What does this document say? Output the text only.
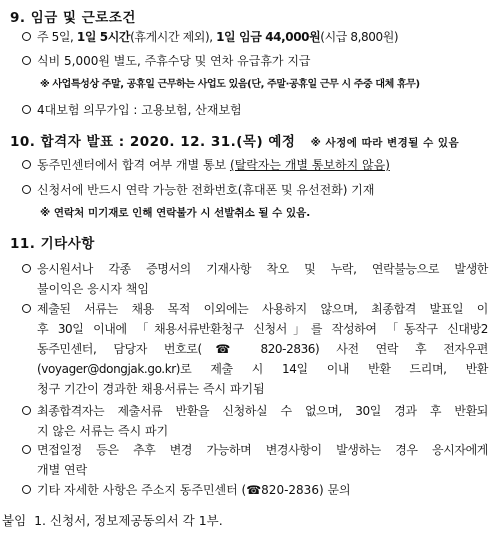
9. 임금 및 근로조건
주 5일, 1일 5시간(휴게시간 제외), 1일 임금 44,000원(시급 8,800원)
식비 5,000원 별도, 주휴수당 및 연차 유급휴가 지급
※ 사업특성상 주말, 공휴일 근무하는 사업도 있음(단, 주말·공휴일 근무 시 주중 대체 휴무)
4대보험 의무가입 : 고용보험, 산재보험
10. 합격자 발표 : 2020. 12. 31.(목) 예정 ※ 사정에 따라 변경될 수 있음
동주민센터에서 합격 여부 개별 통보 (탈락자는 개별 통보하지 않음)
신청서에 반드시 연락 가능한 전화번호(휴대폰 및 유선전화) 기재
※ 연락처 미기재로 인해 연락불가 시 선발취소 될 수 있음.
11. 기타사항
응시원서나 각종 증명서의 기재사항 착오 및 누락, 연락불능으로 발생한
불이익은 응시자 책임
제출된 서류는 채용 목적 이외에는 사용하지 않으며, 최종합격 발표일 이
후 30일 이내에 「채용서류반환청구 신청서」를 작성하여 「동작구 신대방2
동주민센터, 담당자 번호로(☎ 820-2836) 사전 연락 후 전자우편
(voyager@dongjak.go.kr)로 제출 시 14일 이내 반환 드리며, 반환
청구 기간이 경과한 채용서류는 즉시 파기됨
최종합격자는 제출서류 반환을 신청하실 수 없으며, 30일 경과 후 반환되
지 않은 서류는 즉시 파기
면접일정 등은 추후 변경 가능하며 변경사항이 발생하는 경우 응시자에게
개별 연락
기타 자세한 사항은 주소지 동주민센터 (☎820-2836) 문의
붙임  1. 신청서, 정보제공동의서 각 1부.
